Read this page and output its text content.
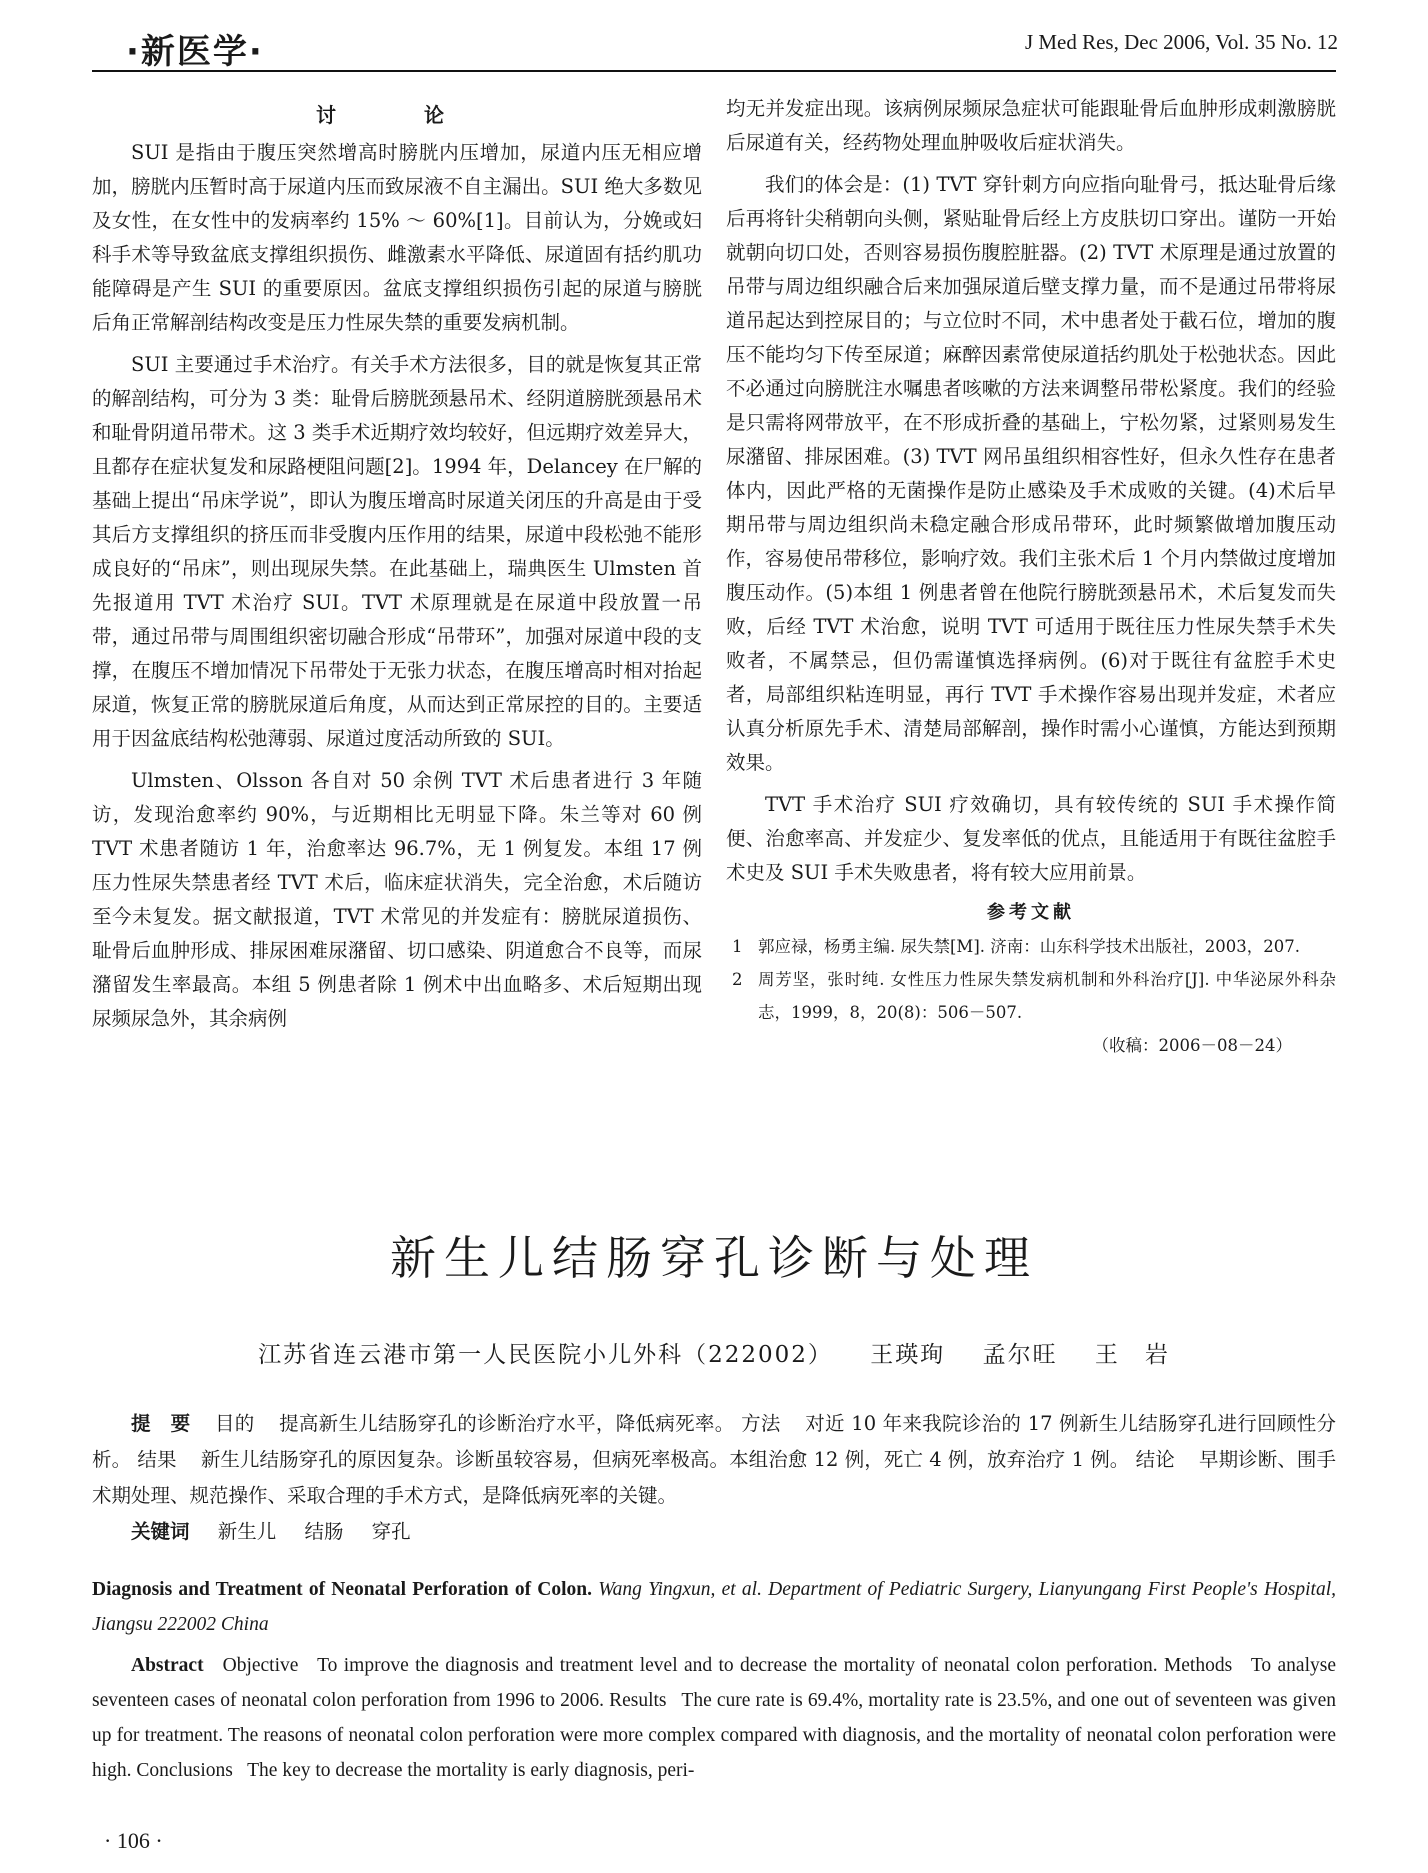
·新医学·	J Med Res, Dec 2006, Vol. 35 No. 12
讨　论

SUI 是指由于腹压突然增高时膀胱内压增加，尿道内压无相应增加，膀胱内压暂时高于尿道内压而致尿液不自主漏出。SUI 绝大多数见及女性，在女性中的发病率约 15% ～ 60%[1]。目前认为，分娩或妇科手术等导致盆底支撑组织损伤、雌激素水平降低、尿道固有括约肌功能障碍是产生 SUI 的重要原因。盆底支撑组织损伤引起的尿道与膀胱后角正常解剖结构改变是压力性尿失禁的重要发病机制。

SUI 主要通过手术治疗。有关手术方法很多，目的就是恢复其正常的解剖结构，可分为 3 类：耻骨后膀胱颈悬吊术、经阴道膀胱颈悬吊术和耻骨阴道吊带术。这 3 类手术近期疗效均较好，但远期疗效差异大，且都存在症状复发和尿路梗阻问题[2]。1994 年，Delancey 在尸解的基础上提出“吊床学说”，即认为腹压增高时尿道关闭压的升高是由于受其后方支撑组织的挤压而非受腹内压作用的结果，尿道中段松弛不能形成良好的“吊床”，则出现尿失禁。在此基础上，瑞典医生 Ulmsten 首先报道用 TVT 术治疗 SUI。TVT 术原理就是在尿道中段放置一吊带，通过吊带与周围组织密切融合形成“吊带环”，加强对尿道中段的支撑，在腹压不增加情况下吊带处于无张力状态，在腹压增高时相对抬起尿道，恢复正常的膀胱尿道后角度，从而达到正常尿控的目的。主要适用于因盆底结构松弛薄弱、尿道过度活动所致的 SUI。

Ulmsten、Olsson 各自对 50 余例 TVT 术后患者进行 3 年随访，发现治愈率约 90%，与近期相比无明显下降。朱兰等对 60 例 TVT 术患者随访 1 年，治愈率达 96.7%，无 1 例复发。本组 17 例压力性尿失禁患者经 TVT 术后，临床症状消失，完全治愈，术后随访至今未复发。据文献报道，TVT 术常见的并发症有：膀胱尿道损伤、耻骨后血肿形成、排尿困难尿潴留、切口感染、阴道愈合不良等，而尿潴留发生率最高。本组 5 例患者除 1 例术中出血略多、术后短期出现尿频尿急外，其余病例

均无并发症出现。该病例尿频尿急症状可能跟耻骨后血肿形成刺激膀胱后尿道有关，经药物处理血肿吸收后症状消失。

我们的体会是：(1) TVT 穿针刺方向应指向耻骨弓，抵达耻骨后缘后再将针尖稍朝向头侧，紧贴耻骨后经上方皮肤切口穿出。谨防一开始就朝向切口处，否则容易损伤腹腔脏器。(2) TVT 术原理是通过放置的吊带与周边组织融合后来加强尿道后壁支撑力量，而不是通过吊带将尿道吊起达到控尿目的；与立位时不同，术中患者处于截石位，增加的腹压不能均匀下传至尿道；麻醉因素常使尿道括约肌处于松弛状态。因此不必通过向膀胱注水嘱患者咳嗽的方法来调整吊带松紧度。我们的经验是只需将网带放平，在不形成折叠的基础上，宁松勿紧，过紧则易发生尿潴留、排尿困难。(3) TVT 网吊虽组织相容性好，但永久性存在患者体内，因此严格的无菌操作是防止感染及手术成败的关键。(4)术后早期吊带与周边组织尚未稳定融合形成吊带环，此时频繁做增加腹压动作，容易使吊带移位，影响疗效。我们主张术后 1 个月内禁做过度增加腹压动作。(5)本组 1 例患者曾在他院行膀胱颈悬吊术，术后复发而失败，后经 TVT 术治愈，说明 TVT 可适用于既往压力性尿失禁手术失败者，不属禁忌，但仍需谨慎选择病例。(6)对于既往有盆腔手术史者，局部组织粘连明显，再行 TVT 手术操作容易出现并发症，术者应认真分析原先手术、清楚局部解剖，操作时需小心谨慎，方能达到预期效果。

TVT 手术治疗 SUI 疗效确切，具有较传统的 SUI 手术操作简便、治愈率高、并发症少、复发率低的优点，且能适用于有既往盆腔手术史及 SUI 手术失败患者，将有较大应用前景。

参考文献
1 郭应禄，杨勇主编. 尿失禁[M]. 济南：山东科学技术出版社，2003，207.
2 周芳坚，张时纯. 女性压力性尿失禁发病机制和外科治疗[J]. 中华泌尿外科杂志，1999，8，20(8)：506－507.
（收稿：2006－08－24）
新生儿结肠穿孔诊断与处理
江苏省连云港市第一人民医院小儿外科（222002） 王瑛珣 孟尔旺 王　岩

提　要 目的 提高新生儿结肠穿孔的诊断治疗水平，降低病死率。 方法 对近 10 年来我院诊治的 17 例新生儿结肠穿孔进行回顾性分析。 结果 新生儿结肠穿孔的原因复杂。诊断虽较容易，但病死率极高。本组治愈 12 例，死亡 4 例，放弃治疗 1 例。 结论 早期诊断、围手术期处理、规范操作、采取合理的手术方式，是降低病死率的关键。

关键词 新生儿 结肠 穿孔

Diagnosis and Treatment of Neonatal Perforation of Colon. Wang Yingxun, et al. Department of Pediatric Surgery, Lianyungang First People's Hospital, Jiangsu 222002 China

Abstract Objective To improve the diagnosis and treatment level and to decrease the mortality of neonatal colon perforation. Methods To analyse seventeen cases of neonatal colon perforation from 1996 to 2006. Results The cure rate is 69.4%, mortality rate is 23.5%, and one out of seventeen was given up for treatment. The reasons of neonatal colon perforation were more complex compared with diagnosis, and the mortality of neonatal colon perforation were high. Conclusions The key to decrease the mortality is early diagnosis, peri-

· 106 ·
